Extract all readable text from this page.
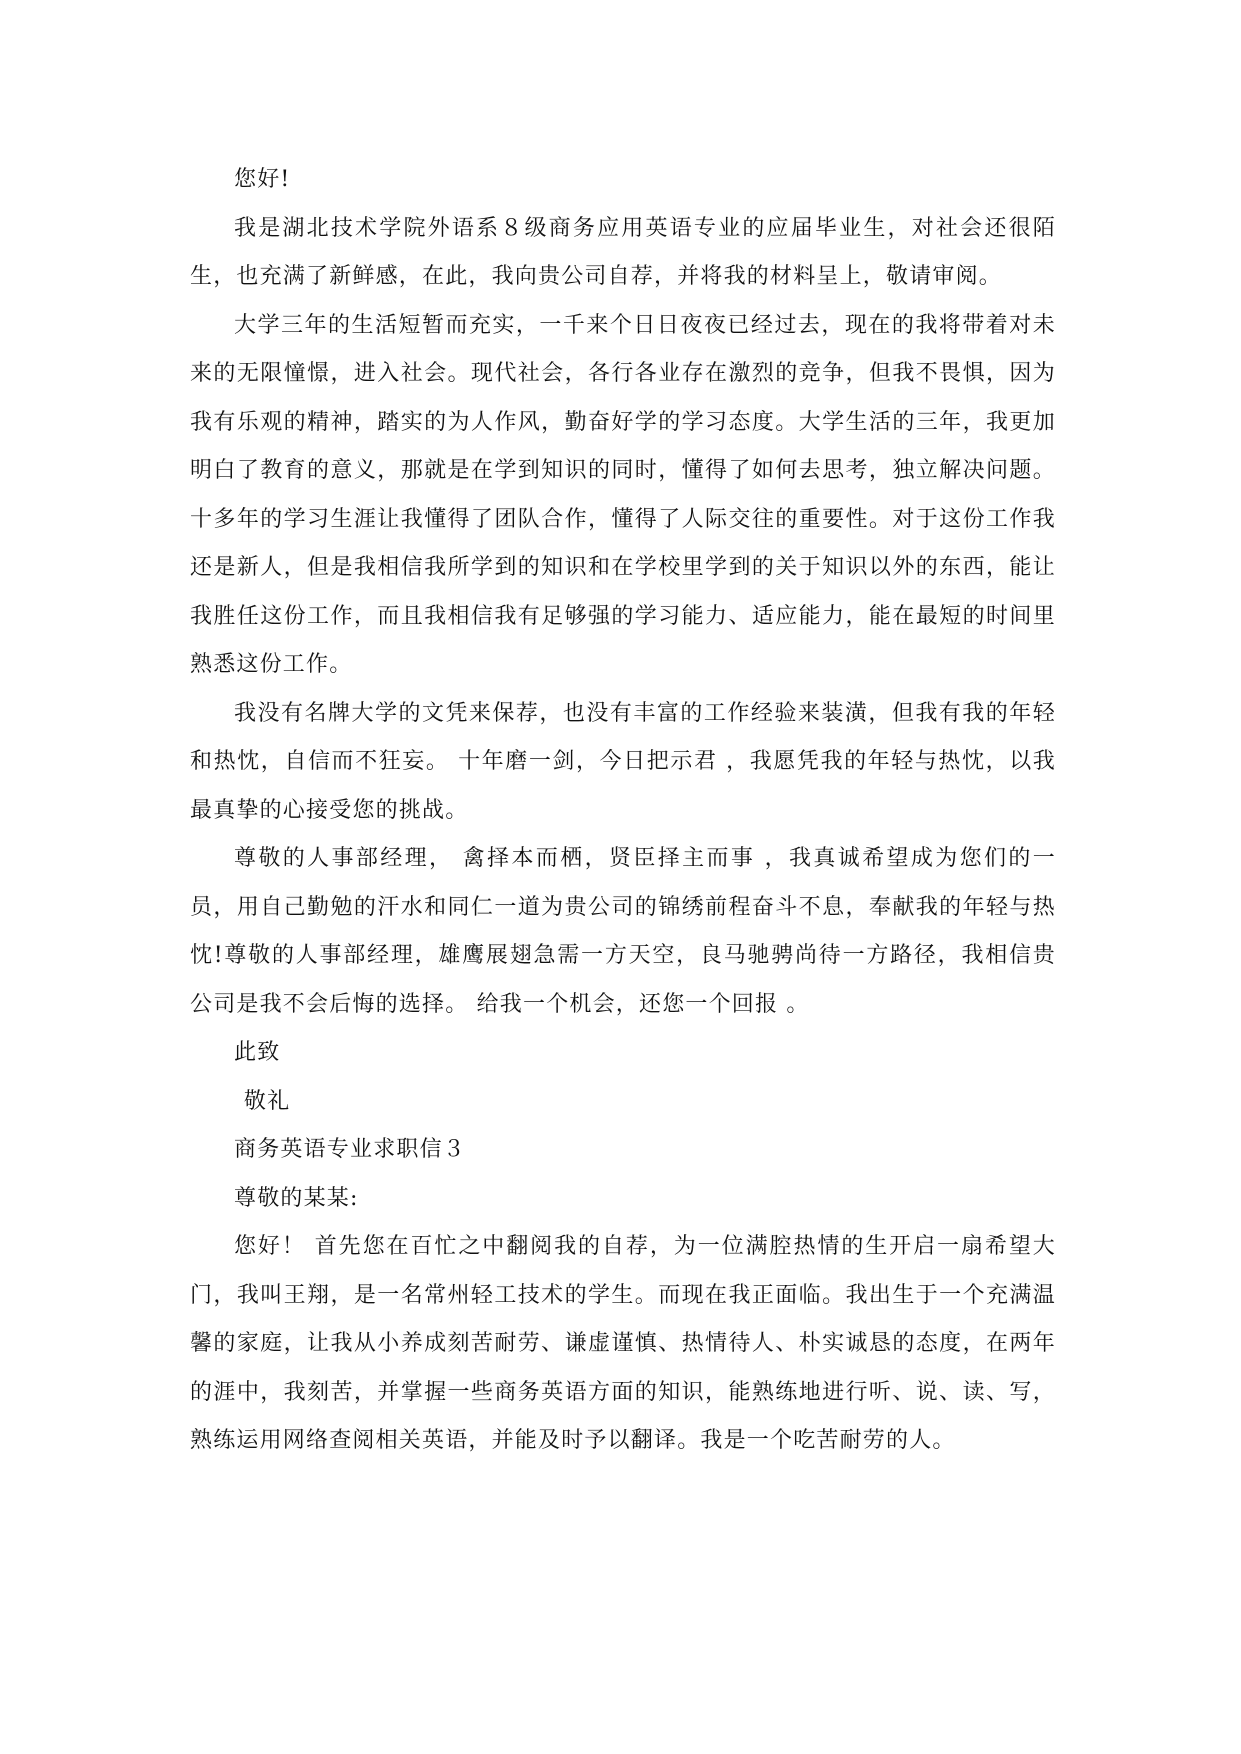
您好!

我是湖北技术学院外语系８级商务应用英语专业的应届毕业生，对社会还很陌生，也充满了新鲜感，在此，我向贵公司自荐，并将我的材料呈上，敬请审阅。

大学三年的生活短暂而充实，一千来个日日夜夜已经过去，现在的我将带着对未来的无限憧憬，进入社会。现代社会，各行各业存在激烈的竞争，但我不畏惧，因为我有乐观的精神，踏实的为人作风，勤奋好学的学习态度。大学生活的三年，我更加明白了教育的意义，那就是在学到知识的同时，懂得了如何去思考，独立解决问题。十多年的学习生涯让我懂得了团队合作，懂得了人际交往的重要性。对于这份工作我还是新人，但是我相信我所学到的知识和在学校里学到的关于知识以外的东西，能让我胜任这份工作，而且我相信我有足够强的学习能力、适应能力，能在最短的时间里熟悉这份工作。

我没有名牌大学的文凭来保荐，也没有丰富的工作经验来装潢，但我有我的年轻和热忱，自信而不狂妄。 十年磨一剑，今日把示君 ，我愿凭我的年轻与热忱，以我最真挚的心接受您的挑战。

尊敬的人事部经理， 禽择本而栖，贤臣择主而事 ，我真诚希望成为您们的一员，用自己勤勉的汗水和同仁一道为贵公司的锦绣前程奋斗不息，奉献我的年轻与热忱!尊敬的人事部经理，雄鹰展翅急需一方天空，良马驰骋尚待一方路径，我相信贵公司是我不会后悔的选择。 给我一个机会，还您一个回报 。

此致

敬礼

商务英语专业求职信３

尊敬的某某:

您好！ 首先您在百忙之中翻阅我的自荐，为一位满腔热情的生开启一扇希望大门，我叫王翔，是一名常州轻工技术的学生。而现在我正面临。我出生于一个充满温馨的家庭，让我从小养成刻苦耐劳、谦虚谨慎、热情待人、朴实诚恳的态度，在两年的涯中，我刻苦，并掌握一些商务英语方面的知识，能熟练地进行听、说、读、写，熟练运用网络查阅相关英语，并能及时予以翻译。我是一个吃苦耐劳的人。
